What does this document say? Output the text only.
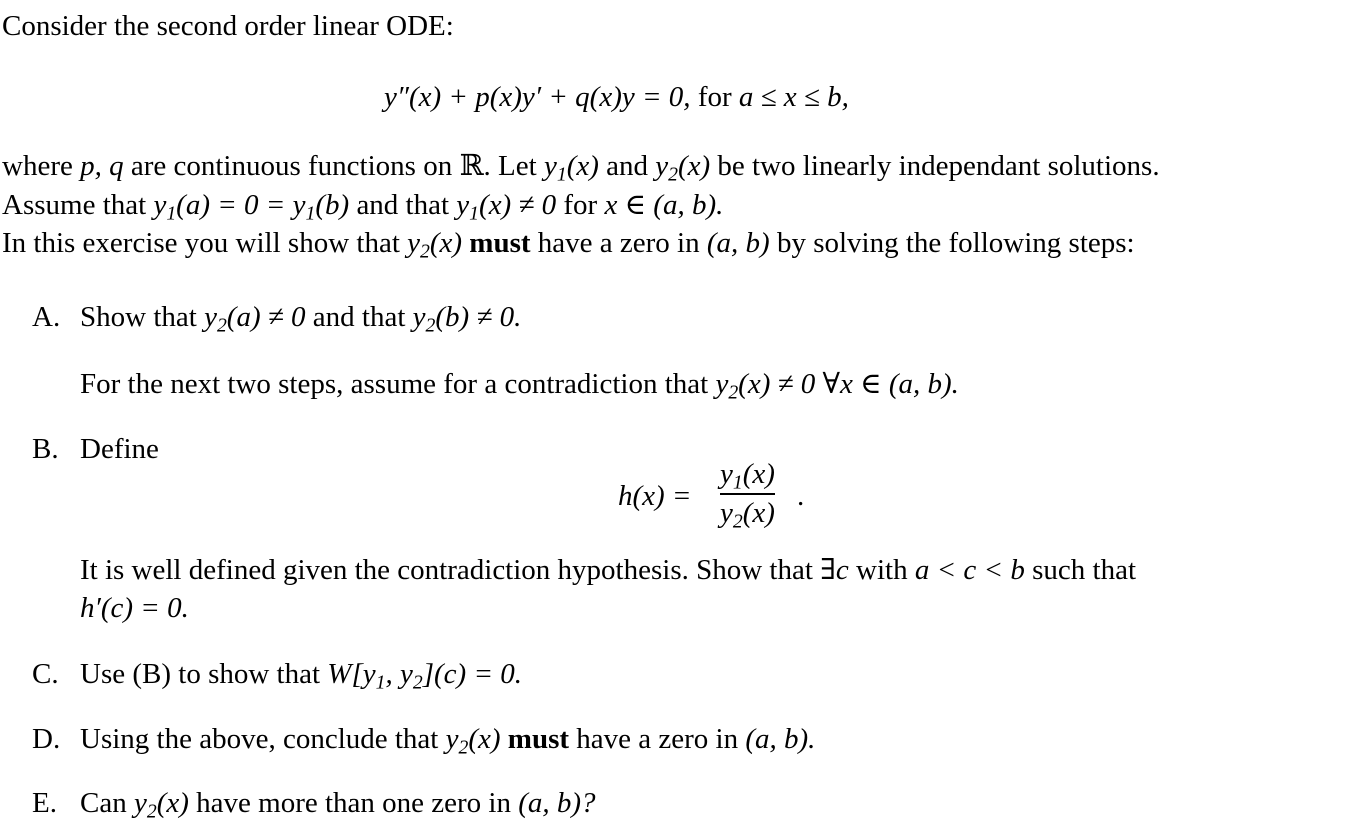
Consider the second order linear ODE:
y″(x) + p(x)y′ + q(x)y = 0, for a ≤ x ≤ b,
where p, q are continuous functions on ℝ. Let $y_1(x)$ and $y_2(x)$ be two linearly independant solutions.
Assume that $y_1(a) = 0 = y_1(b)$ and that $y_1(x) \ne 0$ for x ∈ (a, b).
In this exercise you will show that $y_2(x)$ must have a zero in (a, b) by solving the following steps:
A. Show that $y_2(a) \ne 0$ and that $y_2(b) \ne 0$.
For the next two steps, assume for a contradiction that $y_2(x) \ne 0$ ∀x ∈ (a, b).
B. Define
h(x) =
$y_1(x)$
$y_2(x)$
.
It is well defined given the contradiction hypothesis. Show that ∃c with a < c < b such that
h′(c) = 0.
C. Use (B) to show that $W[y_1$, $y_2](c) = 0$.
D. Using the above, conclude that $y_2(x)$ must have a zero in (a, b).
E. Can $y_2(x)$ have more than one zero in (a, b)?
